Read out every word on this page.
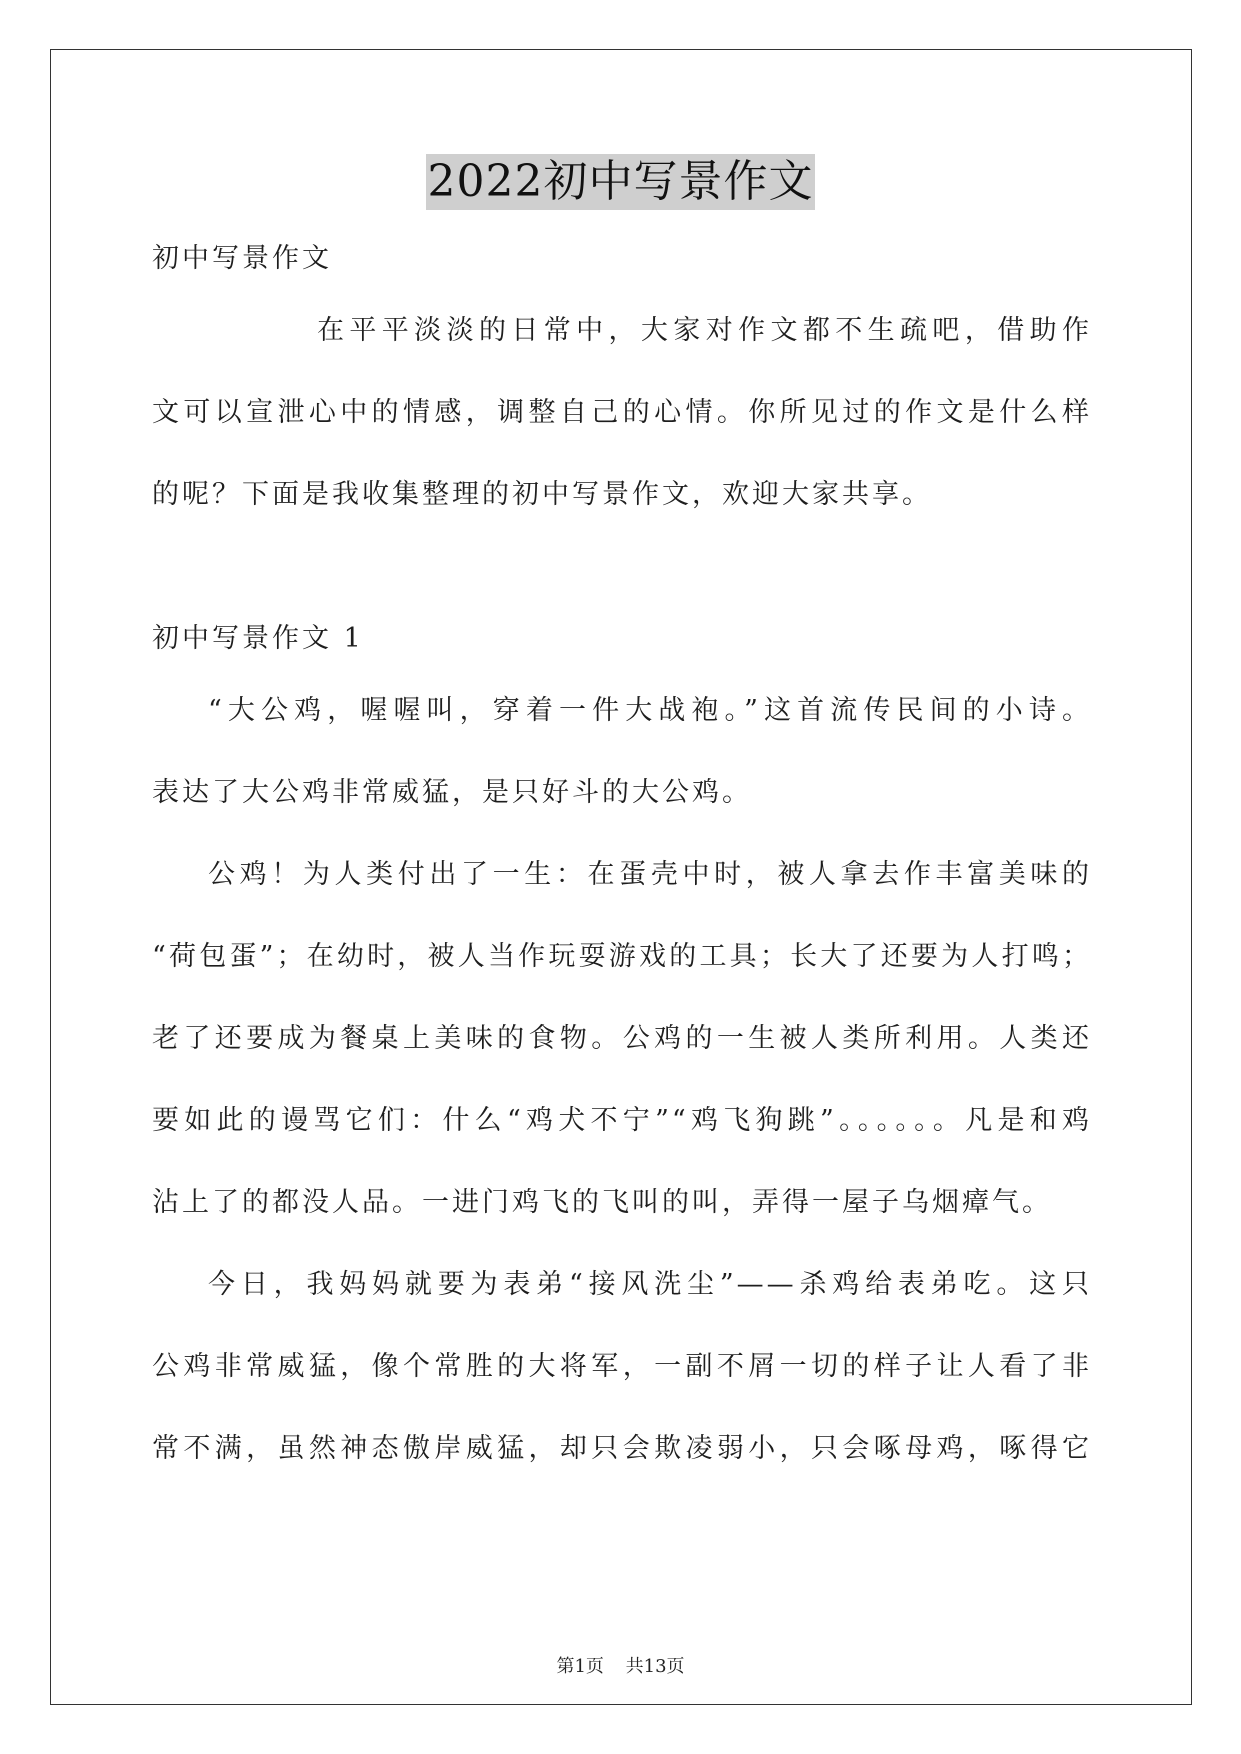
2022初中写景作文
初中写景作文
在平平淡淡的日常中，大家对作文都不生疏吧，借助作
文可以宣泄心中的情感，调整自己的心情。你所见过的作文是什么样
的呢？下面是我收集整理的初中写景作文，欢迎大家共享。
初中写景作文 1
“大公鸡，喔喔叫，穿着一件大战袍。”这首流传民间的小诗。
表达了大公鸡非常威猛，是只好斗的大公鸡。
公鸡！为人类付出了一生：在蛋壳中时，被人拿去作丰富美味的
“荷包蛋”；在幼时，被人当作玩耍游戏的工具；长大了还要为人打鸣；
老了还要成为餐桌上美味的食物。公鸡的一生被人类所利用。人类还
要如此的谩骂它们：什么“鸡犬不宁”“鸡飞狗跳”。。。。。。凡是和鸡
沾上了的都没人品。一进门鸡飞的飞叫的叫，弄得一屋子乌烟瘴气。
今日，我妈妈就要为表弟“接风洗尘”——杀鸡给表弟吃。这只
公鸡非常威猛，像个常胜的大将军，一副不屑一切的样子让人看了非
常不满，虽然神态傲岸威猛，却只会欺凌弱小，只会啄母鸡，啄得它
第1页 共13页
